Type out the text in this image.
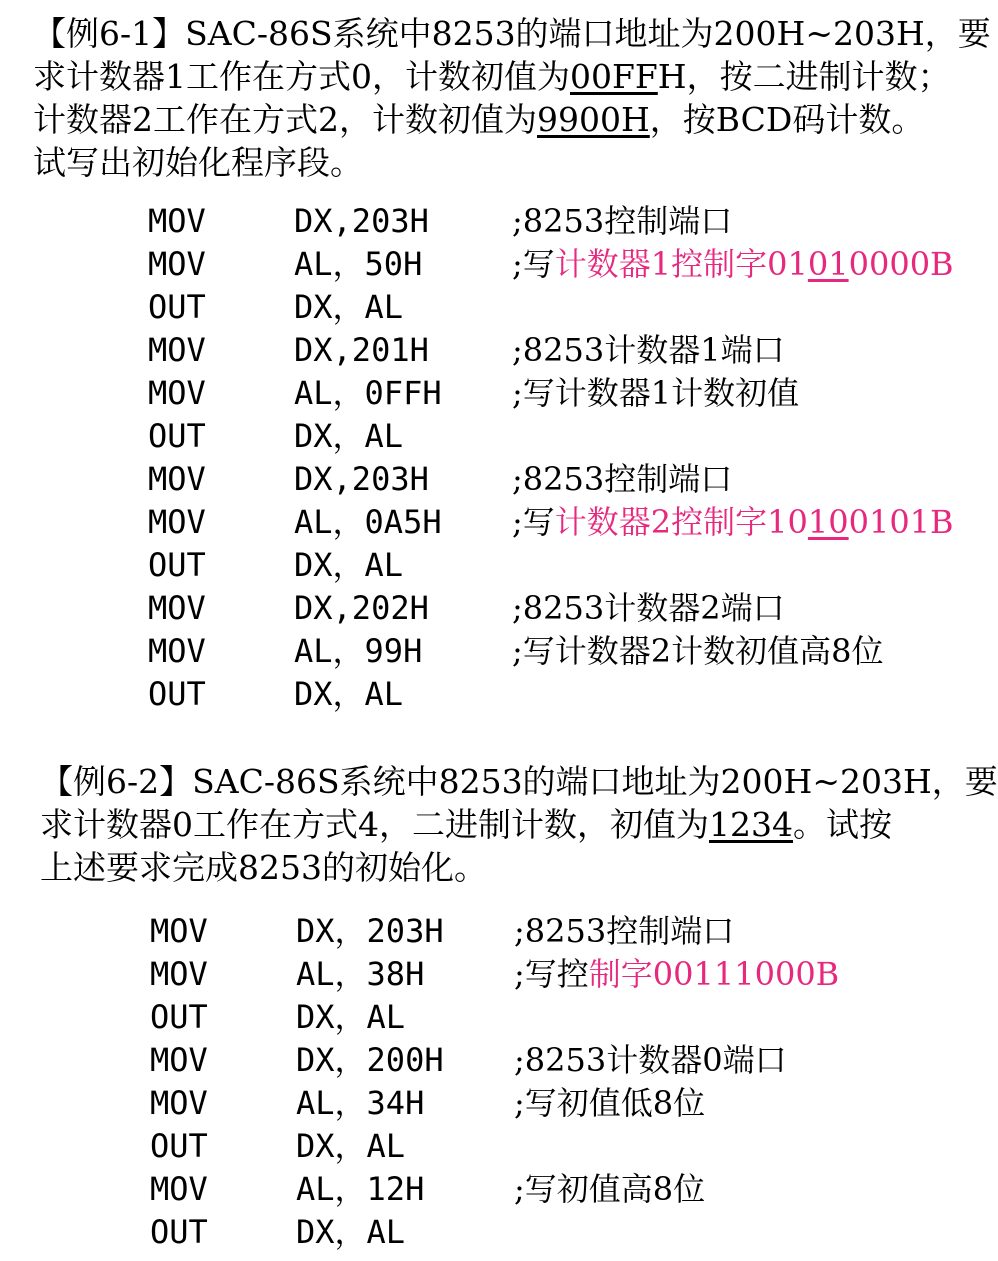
【例6-1】SAC-86S系统中8253的端口地址为200H~203H，要
求计数器1工作在方式0，计数初值为00FFH，按二进制计数；
计数器2工作在方式2，计数初值为9900H，按BCD码计数。
试写出初始化程序段。
MOV	DX,203H	;8253控制端口
MOV	AL，50H	;写计数器1控制字01010000B
OUT	DX，AL
MOV	DX,201H	;8253计数器1端口
MOV	AL，0FFH ;写计数器1计数初值
OUT	DX，AL
MOV	DX,203H	;8253控制端口
MOV	AL，0A5H ;写计数器2控制字10100101B
OUT	DX，AL
MOV	DX,202H	;8253计数器2端口
MOV	AL，99H	;写计数器2计数初值高8位
OUT	DX，AL
【例6-2】SAC-86S系统中8253的端口地址为200H~203H，要
求计数器0工作在方式4，二进制计数，初值为1234。试按
上述要求完成8253的初始化。
MOV	DX，203H ;8253控制端口
MOV	AL，38H	;写控制字00111000B
OUT	DX，AL
MOV	DX，200H ;8253计数器0端口
MOV	AL，34H	;写初值低8位
OUT	DX，AL
MOV	AL，12H	;写初值高8位
OUT	DX，AL
